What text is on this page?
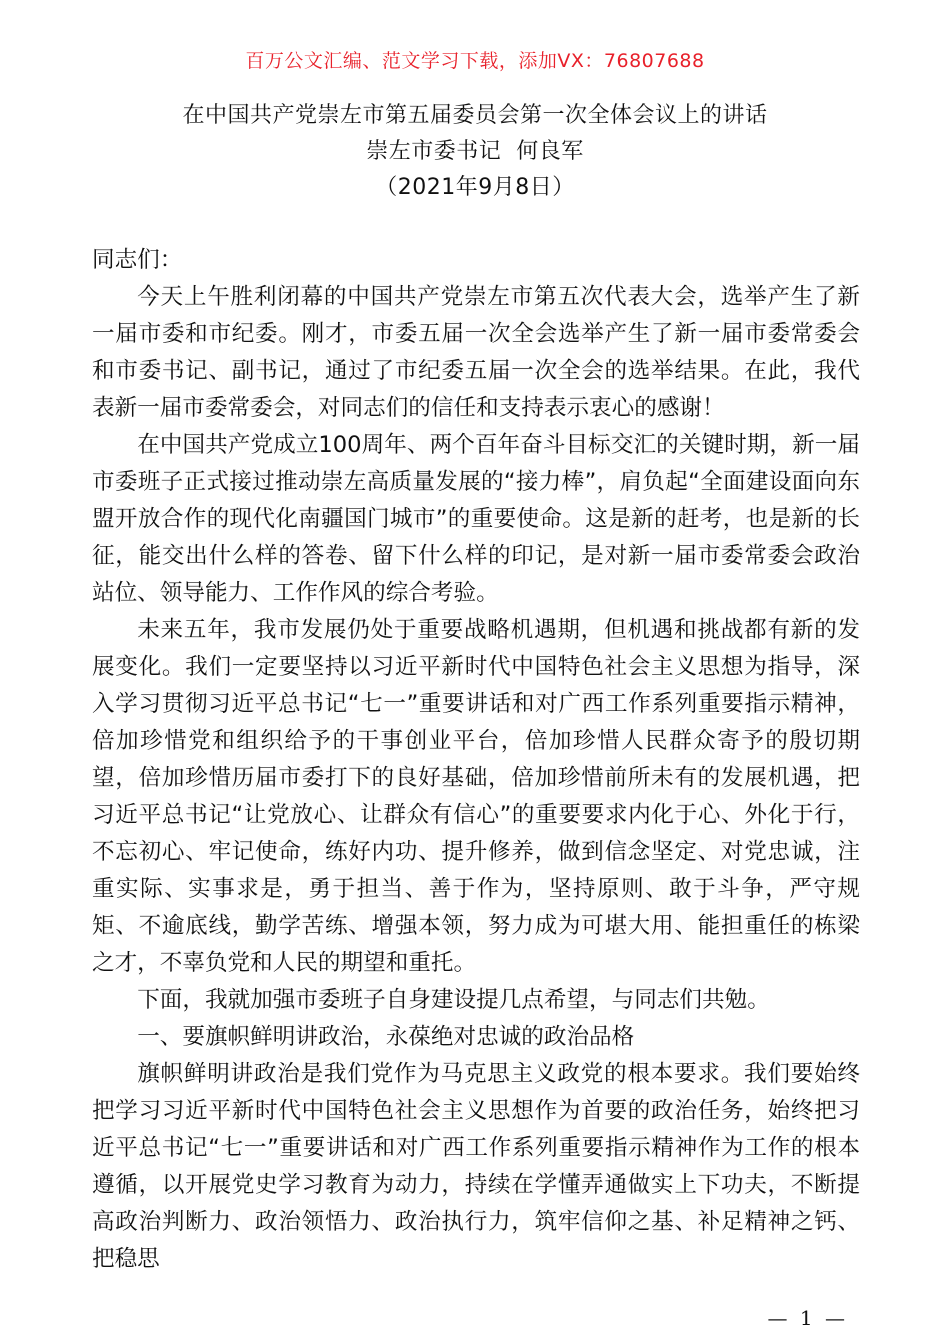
百万公文汇编、范文学习下载，添加VX：76807688
在中国共产党崇左市第五届委员会第一次全体会议上的讲话
崇左市委书记  何良军
（2021年9月8日）

同志们：

今天上午胜利闭幕的中国共产党崇左市第五次代表大会，选举产生了新一届市委和市纪委。刚才，市委五届一次全会选举产生了新一届市委常委会和市委书记、副书记，通过了市纪委五届一次全会的选举结果。在此，我代表新一届市委常委会，对同志们的信任和支持表示衷心的感谢！

在中国共产党成立100周年、两个百年奋斗目标交汇的关键时期，新一届市委班子正式接过推动崇左高质量发展的“接力棒”，肩负起“全面建设面向东盟开放合作的现代化南疆国门城市”的重要使命。这是新的赶考，也是新的长征，能交出什么样的答卷、留下什么样的印记，是对新一届市委常委会政治站位、领导能力、工作作风的综合考验。

未来五年，我市发展仍处于重要战略机遇期，但机遇和挑战都有新的发展变化。我们一定要坚持以习近平新时代中国特色社会主义思想为指导，深入学习贯彻习近平总书记“七一”重要讲话和对广西工作系列重要指示精神，倍加珍惜党和组织给予的干事创业平台，倍加珍惜人民群众寄予的殷切期望，倍加珍惜历届市委打下的良好基础，倍加珍惜前所未有的发展机遇，把习近平总书记“让党放心、让群众有信心”的重要要求内化于心、外化于行，不忘初心、牢记使命，练好内功、提升修养，做到信念坚定、对党忠诚，注重实际、实事求是，勇于担当、善于作为，坚持原则、敢于斗争，严守规矩、不逾底线，勤学苦练、增强本领，努力成为可堪大用、能担重任的栋梁之才，不辜负党和人民的期望和重托。

下面，我就加强市委班子自身建设提几点希望，与同志们共勉。

一、要旗帜鲜明讲政治，永葆绝对忠诚的政治品格

旗帜鲜明讲政治是我们党作为马克思主义政党的根本要求。我们要始终把学习习近平新时代中国特色社会主义思想作为首要的政治任务，始终把习近平总书记“七一”重要讲话和对广西工作系列重要指示精神作为工作的根本遵循，以开展党史学习教育为动力，持续在学懂弄通做实上下功夫，不断提高政治判断力、政治领悟力、政治执行力，筑牢信仰之基、补足精神之钙、把稳思

— 1 —
